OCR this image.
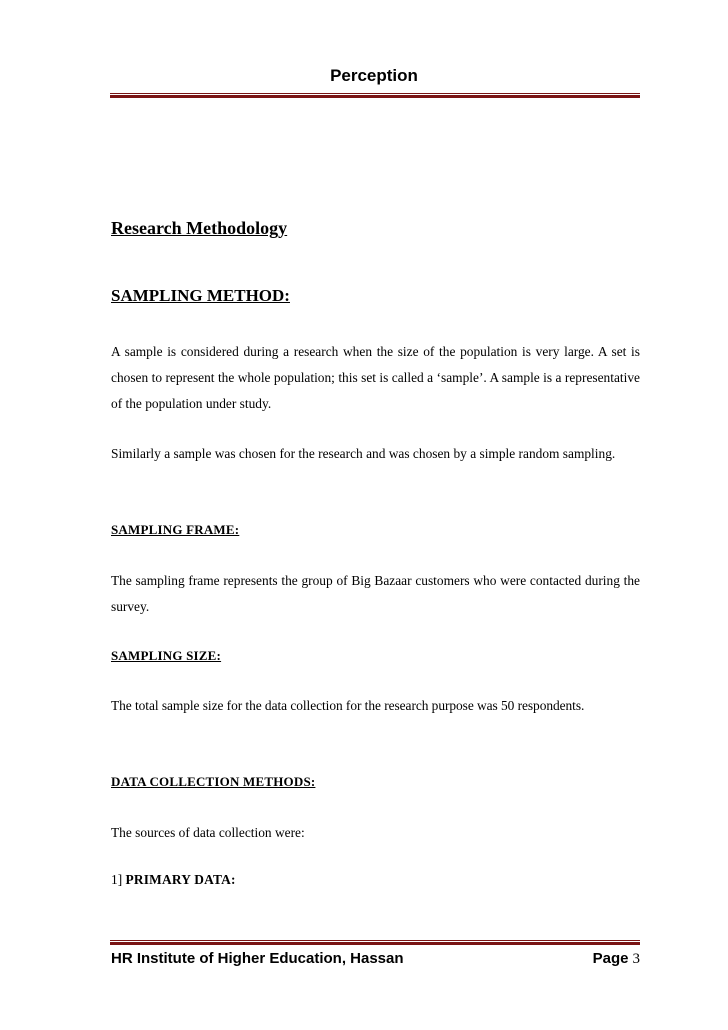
Perception
Research Methodology
SAMPLING METHOD:

A sample is considered during a research when the size of the population is very large. A set is chosen to represent the whole population; this set is called a ‘sample’. A sample is a representative of the population under study.

Similarly a sample was chosen for the research and was chosen by a simple random sampling.

SAMPLING FRAME:

The sampling frame represents the group of Big Bazaar customers who were contacted during the survey.

SAMPLING SIZE:

The total sample size for the data collection for the research purpose was 50 respondents.

DATA COLLECTION METHODS:

The sources of data collection were:

1] PRIMARY DATA:

HR Institute of Higher Education, Hassan	Page 3
